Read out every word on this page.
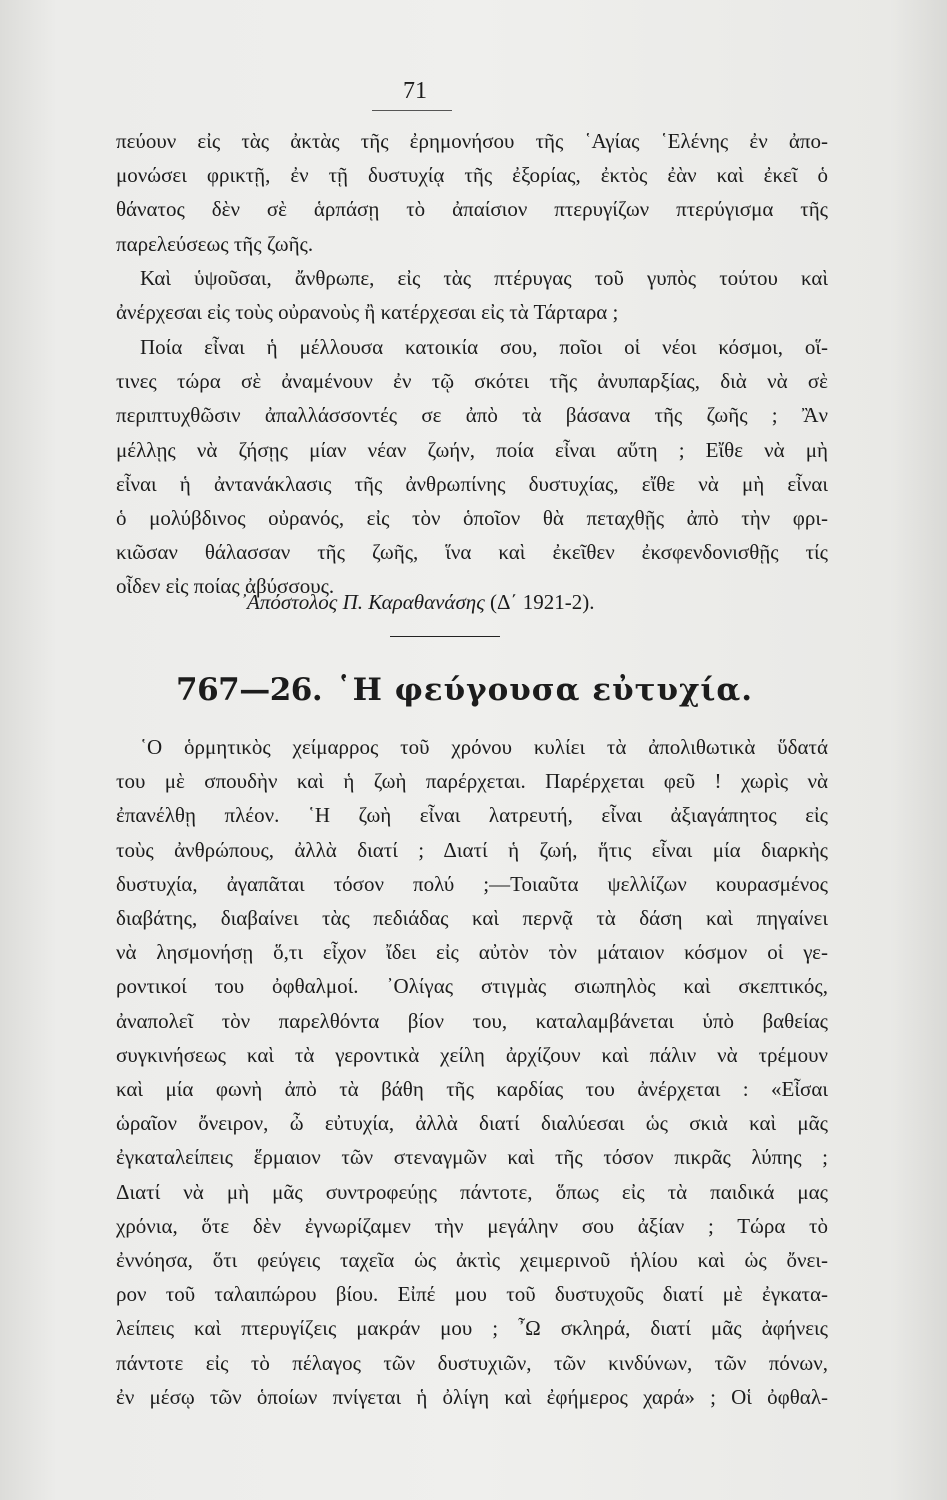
71
πεύουν εἰς τὰς ἀκτὰς τῆς ἐρημονήσου τῆς ῾Αγίας ῾Ελένης ἐν ἀπο-
μονώσει φρικτῇ, ἐν τῇ δυστυχίᾳ τῆς ἐξορίας, ἐκτὸς ἐὰν καὶ ἐκεῖ ὁ
θάνατος δὲν σὲ ἁρπάσῃ τὸ ἀπαίσιον πτερυγίζων πτερύγισμα τῆς
παρελεύσεως τῆς ζωῆς.
Καὶ ὑψοῦσαι, ἄνθρωπε, εἰς τὰς πτέρυγας τοῦ γυπὸς τούτου καὶ
ἀνέρχεσαι εἰς τοὺς οὐρανοὺς ἢ κατέρχεσαι εἰς τὰ Τάρταρα ;
Ποία εἶναι ἡ μέλλουσα κατοικία σου, ποῖοι οἱ νέοι κόσμοι, οἵ-
τινες τώρα σὲ ἀναμένουν ἐν τῷ σκότει τῆς ἀνυπαρξίας, διὰ νὰ σὲ
περιπτυχθῶσιν ἀπαλλάσσοντές σε ἀπὸ τὰ βάσανα τῆς ζωῆς ; Ἂν
μέλλῃς νὰ ζήσῃς μίαν νέαν ζωήν, ποία εἶναι αὕτη ; Εἴθε νὰ μὴ
εἶναι ἡ ἀντανάκλασις τῆς ἀνθρωπίνης δυστυχίας, εἴθε νὰ μὴ εἶναι
ὁ μολύβδινος οὐρανός, εἰς τὸν ὁποῖον θὰ πεταχθῇς ἀπὸ τὴν φρι-
κιῶσαν θάλασσαν τῆς ζωῆς, ἵνα καὶ ἐκεῖθεν ἐκσφενδονισθῇς τίς
οἶδεν εἰς ποίας ἀβύσσους.
᾿Απόστολος Π. Καραθανάσης (Δ΄ 1921-2).
767—26. ῾Η φεύγουσα εὐτυχία.
῾Ο ὁρμητικὸς χείμαρρος τοῦ χρόνου κυλίει τὰ ἀπολιθωτικὰ ὕδατά
του μὲ σπουδὴν καὶ ἡ ζωὴ παρέρχεται. Παρέρχεται φεῦ ! χωρὶς νὰ
ἐπανέλθῃ πλέον. ῾Η ζωὴ εἶναι λατρευτή, εἶναι ἀξιαγάπητος εἰς
τοὺς ἀνθρώπους, ἀλλὰ διατί ; Διατί ἡ ζωή, ἥτις εἶναι μία διαρκὴς
δυστυχία, ἀγαπᾶται τόσον πολύ ;—Τοιαῦτα ψελλίζων κουρασμένος
διαβάτης, διαβαίνει τὰς πεδιάδας καὶ περνᾷ τὰ δάση καὶ πηγαίνει
νὰ λησμονήσῃ ὅ,τι εἶχον ἴδει εἰς αὐτὸν τὸν μάταιον κόσμον οἱ γε-
ροντικοί του ὀφθαλμοί. ᾿Ολίγας στιγμὰς σιωπηλὸς καὶ σκεπτικός,
ἀναπολεῖ τὸν παρελθόντα βίον του, καταλαμβάνεται ὑπὸ βαθείας
συγκινήσεως καὶ τὰ γεροντικὰ χείλη ἀρχίζουν καὶ πάλιν νὰ τρέμουν
καὶ μία φωνὴ ἀπὸ τὰ βάθη τῆς καρδίας του ἀνέρχεται : «Εἶσαι
ὡραῖον ὄνειρον, ὦ εὐτυχία, ἀλλὰ διατί διαλύεσαι ὡς σκιὰ καὶ μᾶς
ἐγκαταλείπεις ἕρμαιον τῶν στεναγμῶν καὶ τῆς τόσον πικρᾶς λύπης ;
Διατί νὰ μὴ μᾶς συντροφεύῃς πάντοτε, ὅπως εἰς τὰ παιδικά μας
χρόνια, ὅτε δὲν ἐγνωρίζαμεν τὴν μεγάλην σου ἀξίαν ; Τώρα τὸ
ἐννόησα, ὅτι φεύγεις ταχεῖα ὡς ἀκτὶς χειμερινοῦ ἡλίου καὶ ὡς ὄνει-
ρον τοῦ ταλαιπώρου βίου. Εἰπέ μου τοῦ δυστυχοῦς διατί μὲ ἐγκατα-
λείπεις καὶ πτερυγίζεις μακράν μου ; ῏Ω σκληρά, διατί μᾶς ἀφήνεις
πάντοτε εἰς τὸ πέλαγος τῶν δυστυχιῶν, τῶν κινδύνων, τῶν πόνων,
ἐν μέσῳ τῶν ὁποίων πνίγεται ἡ ὀλίγη καὶ ἐφήμερος χαρά» ; Οἱ ὀφθαλ-
